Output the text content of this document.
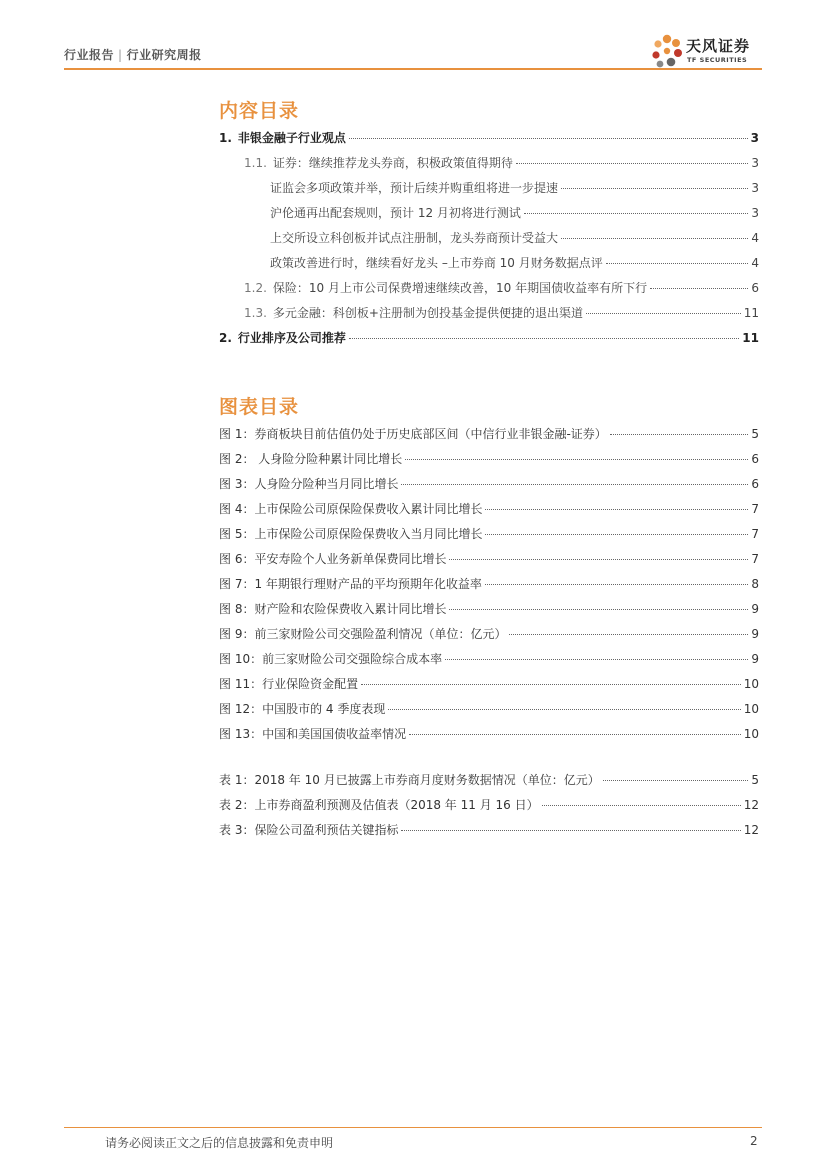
行业报告 | 行业研究周报	天风证券
TF SECURITIES
内容目录
1. 非银金融子行业观点	3
1.1. 证券：继续推荐龙头券商，积极政策值得期待	3
证监会多项政策并举，预计后续并购重组将进一步提速	3
沪伦通再出配套规则，预计 12 月初将进行测试	3
上交所设立科创板并试点注册制，龙头券商预计受益大	4
政策改善进行时，继续看好龙头 –上市券商 10 月财务数据点评	4
1.2. 保险：10 月上市公司保费增速继续改善，10 年期国债收益率有所下行	6
1.3. 多元金融：科创板+注册制为创投基金提供便捷的退出渠道	11
2. 行业排序及公司推荐	11
图表目录
图 1：券商板块目前估值仍处于历史底部区间（中信行业非银金融-证券）	5
图 2： 人身险分险种累计同比增长	6
图 3：人身险分险种当月同比增长	6
图 4：上市保险公司原保险保费收入累计同比增长	7
图 5：上市保险公司原保险保费收入当月同比增长	7
图 6：平安寿险个人业务新单保费同比增长	7
图 7：1 年期银行理财产品的平均预期年化收益率	8
图 8：财产险和农险保费收入累计同比增长	9
图 9：前三家财险公司交强险盈利情况（单位：亿元）	9
图 10：前三家财险公司交强险综合成本率	9
图 11：行业保险资金配置	10
图 12：中国股市的 4 季度表现	10
图 13：中国和美国国债收益率情况	10
表 1：2018 年 10 月已披露上市券商月度财务数据情况（单位：亿元）	5
表 2：上市券商盈利预测及估值表（2018 年 11 月 16 日）	12
表 3：保险公司盈利预估关键指标	12
请务必阅读正文之后的信息披露和免责申明	2
